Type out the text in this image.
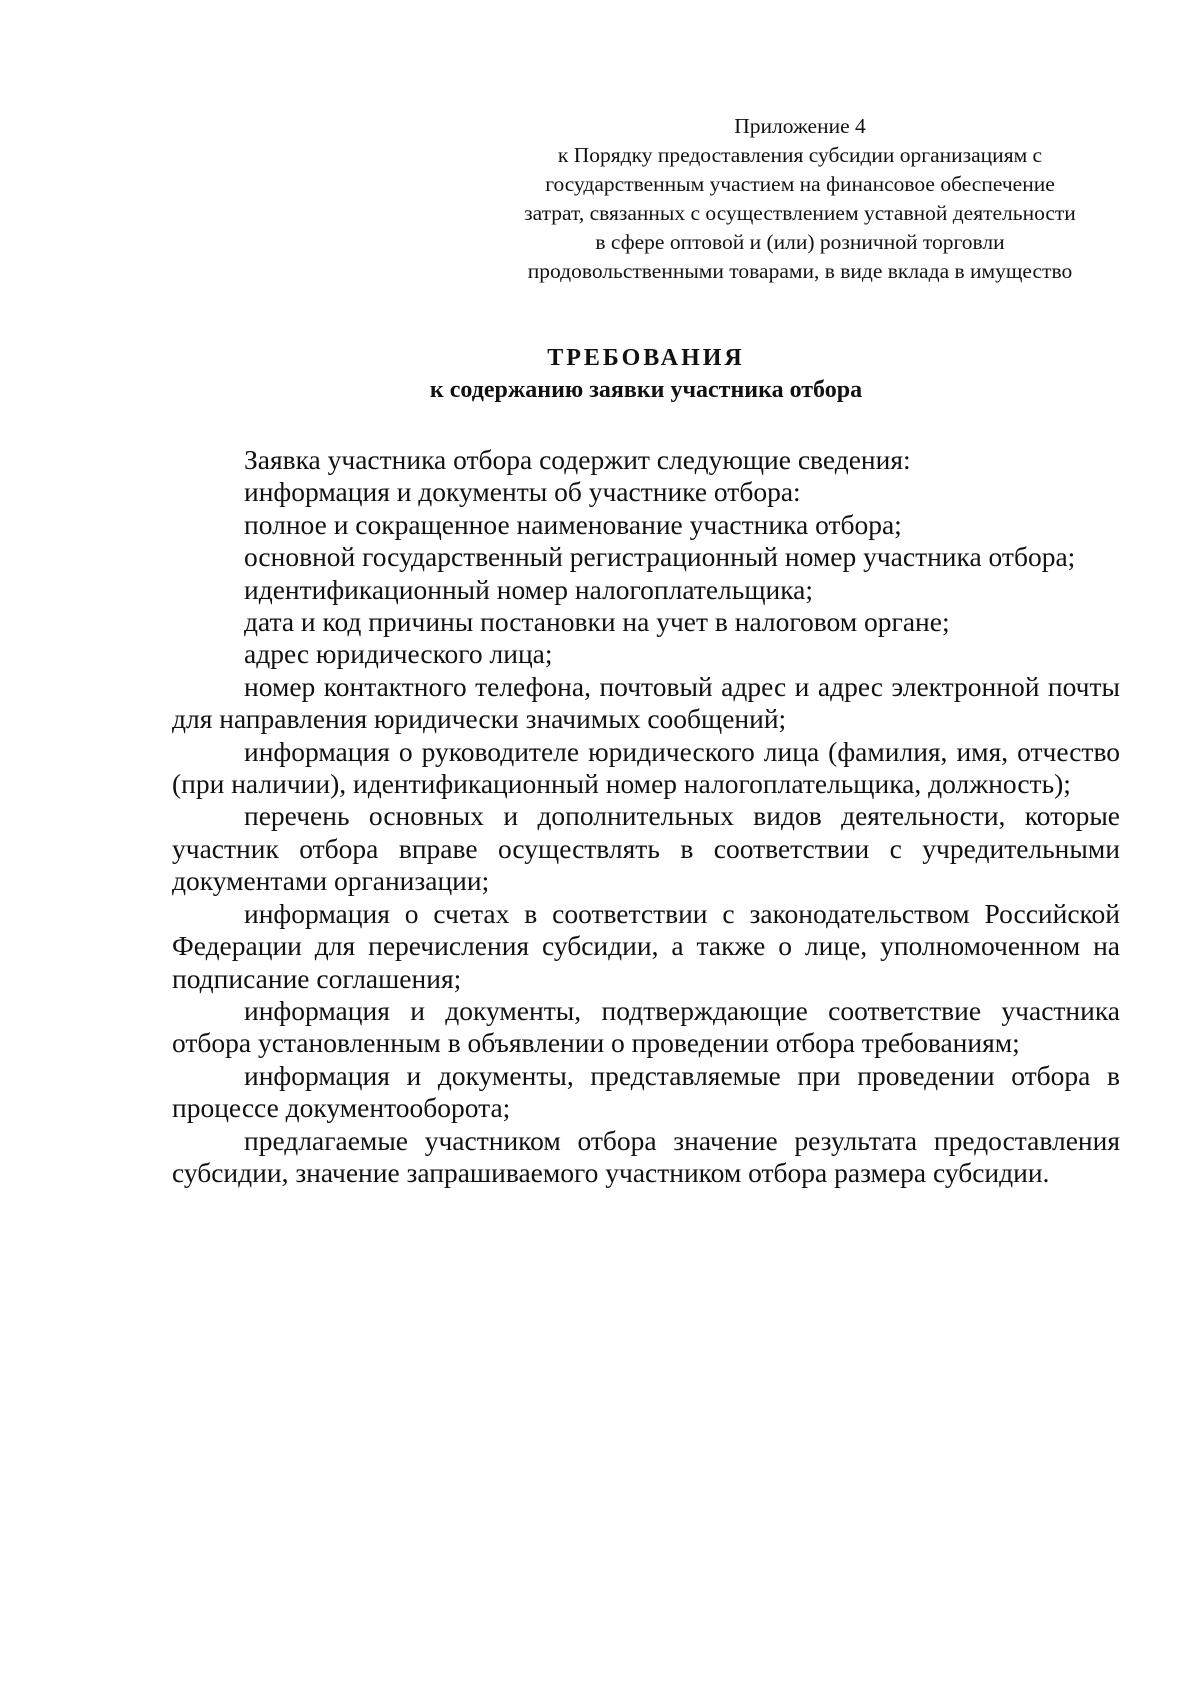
Приложение 4
к Порядку предоставления субсидии организациям с
государственным участием на финансовое обеспечение
затрат, связанных с осуществлением уставной деятельности
в сфере оптовой и (или) розничной торговли
продовольственными товарами, в виде вклада в имущество
ТРЕБОВАНИЯ
к содержанию заявки участника отбора

Заявка участника отбора содержит следующие сведения:

информация и документы об участнике отбора:

полное и сокращенное наименование участника отбора;

основной государственный регистрационный номер участника отбора;

идентификационный номер налогоплательщика;

дата и код причины постановки на учет в налоговом органе;

адрес юридического лица;

номер контактного телефона, почтовый адрес и адрес электронной почты для направления юридически значимых сообщений;

информация о руководителе юридического лица (фамилия, имя, отчество (при наличии), идентификационный номер налогоплательщика, должность);

перечень основных и дополнительных видов деятельности, которые участник отбора вправе осуществлять в соответствии с учредительными документами организации;

информация о счетах в соответствии с законодательством Российской Федерации для перечисления субсидии, а также о лице, уполномоченном на подписание соглашения;

информация и документы, подтверждающие соответствие участника отбора установленным в объявлении о проведении отбора требованиям;

информация и документы, представляемые при проведении отбора в процессе документооборота;

предлагаемые участником отбора значение результата предоставления субсидии, значение запрашиваемого участником отбора размера субсидии.
